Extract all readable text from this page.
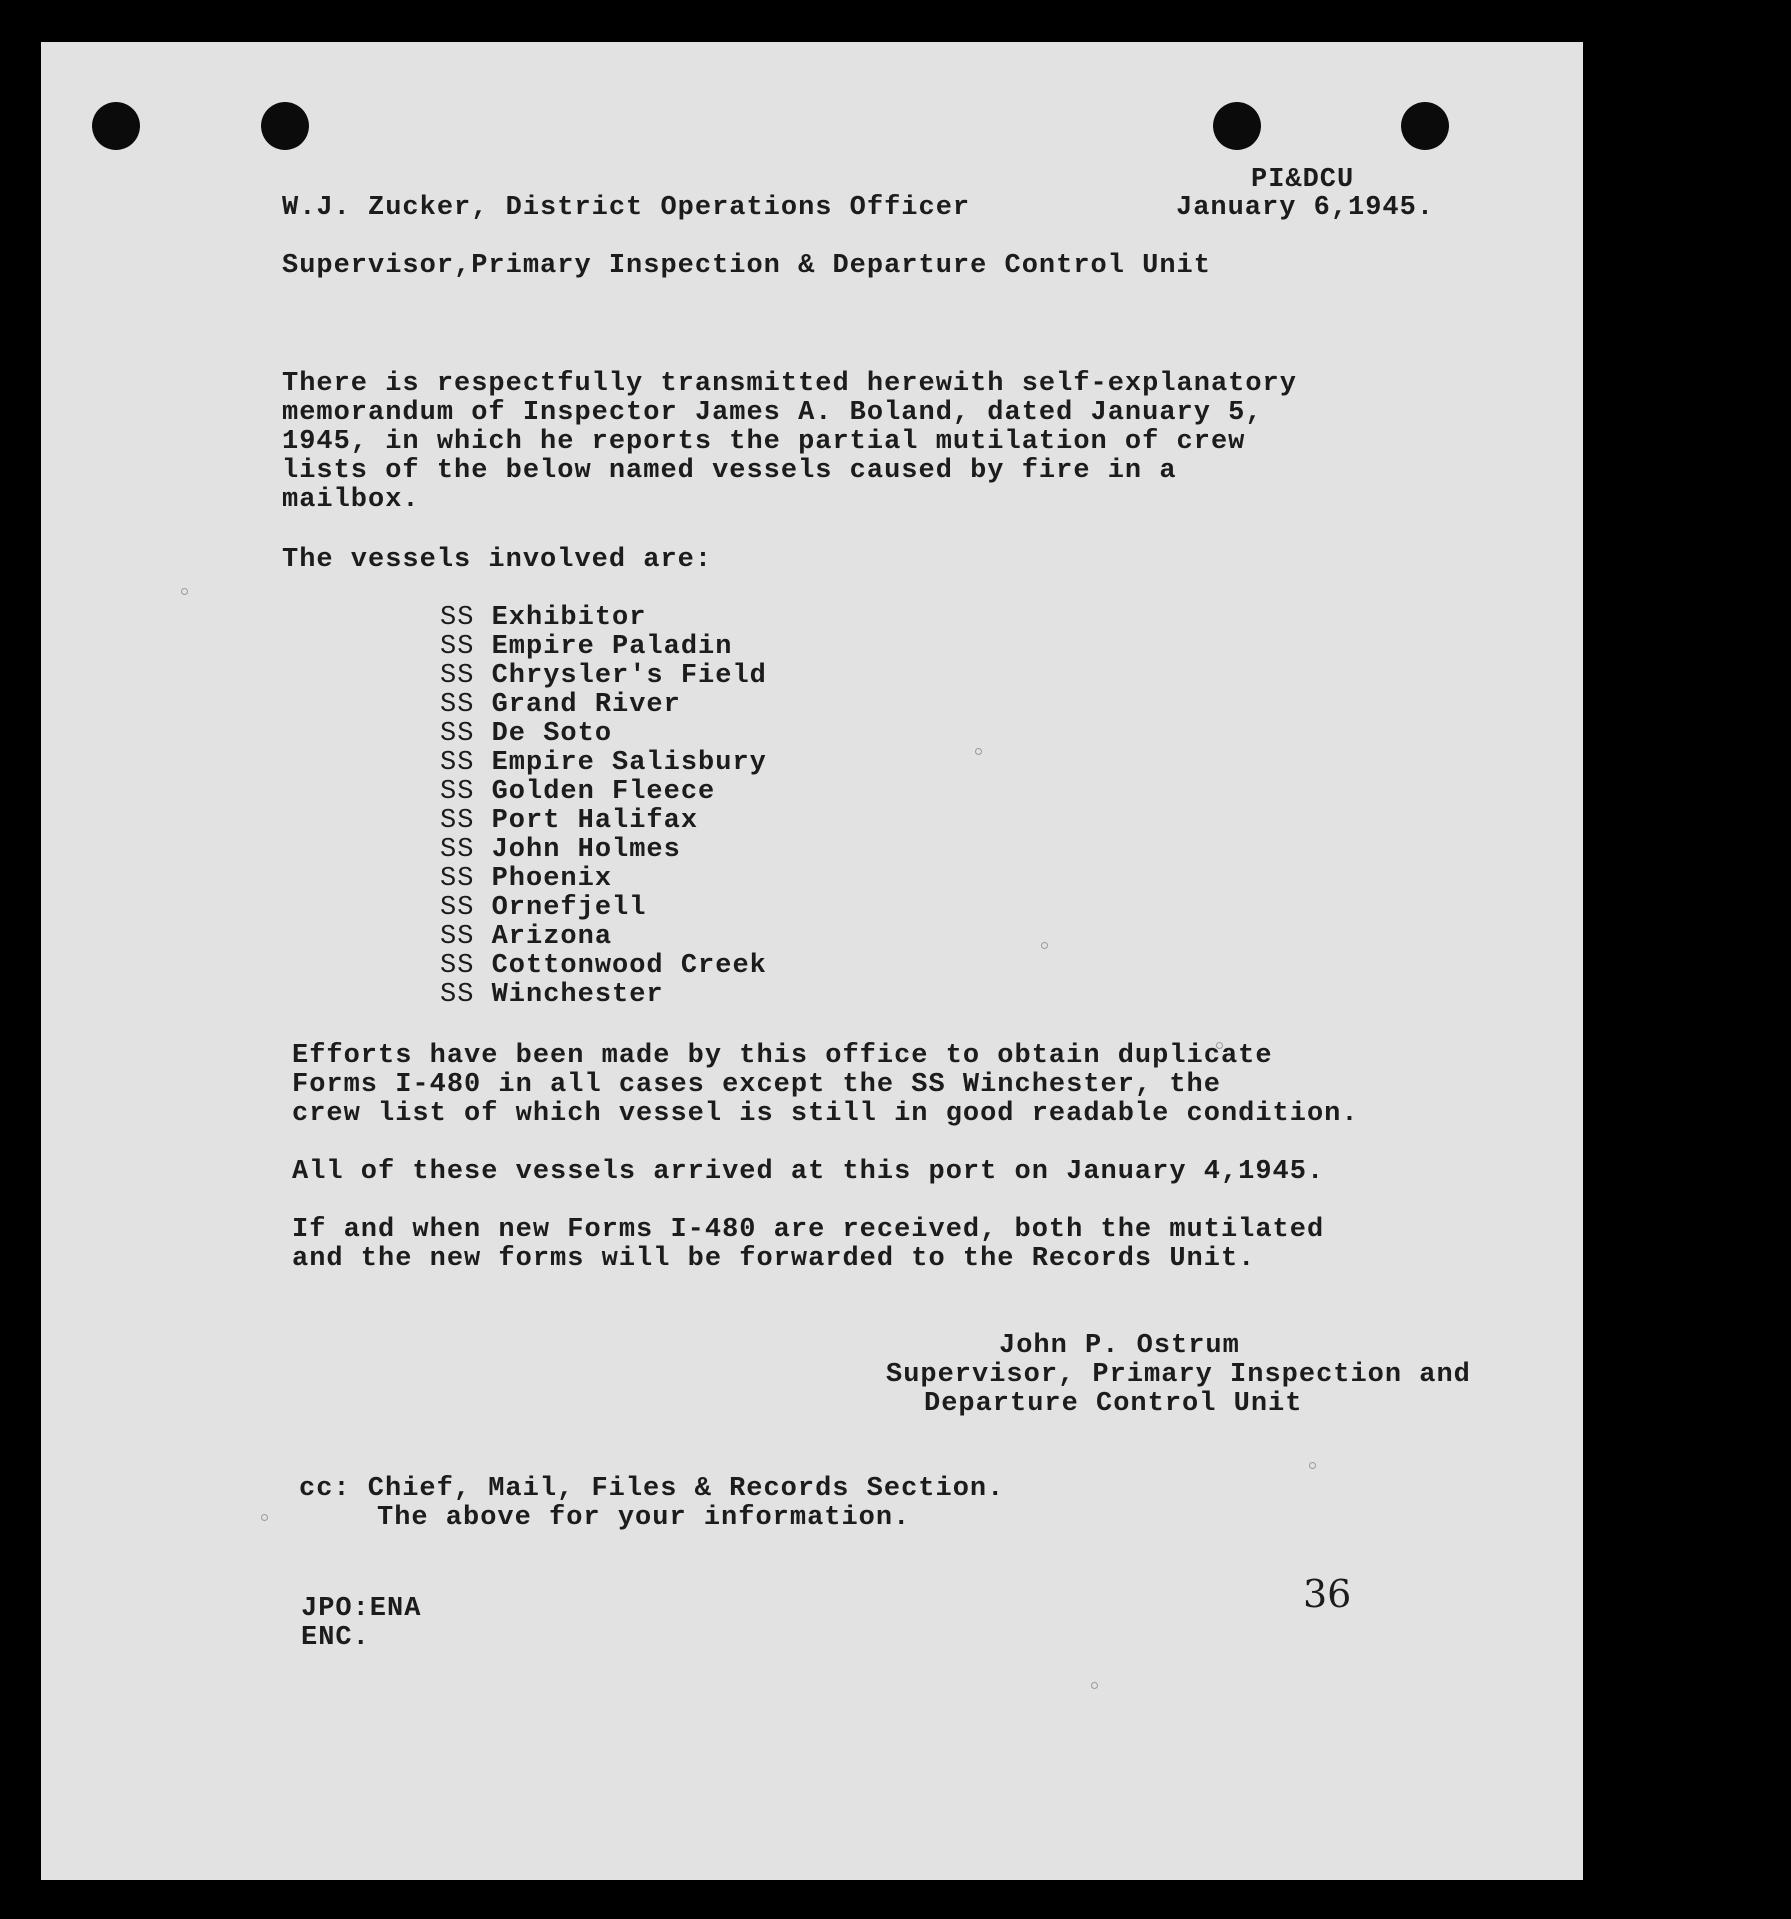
PI&DCU
W.J. Zucker, District Operations Officer	January 6,1945.
Supervisor,Primary Inspection & Departure Control Unit
There is respectfully transmitted herewith self-explanatory
memorandum of Inspector James A. Boland, dated January 5,
1945, in which he reports the partial mutilation of crew
lists of the below named vessels caused by fire in a
mailbox.
The vessels involved are:
SS Exhibitor
SS Empire Paladin
SS Chrysler's Field
SS Grand River
SS De Soto
SS Empire Salisbury
SS Golden Fleece
SS Port Halifax
SS John Holmes
SS Phoenix
SS Ornefjell
SS Arizona
SS Cottonwood Creek
SS Winchester
Efforts have been made by this office to obtain duplicate
Forms I-480 in all cases except the SS Winchester, the
crew list of which vessel is still in good readable condition.
All of these vessels arrived at this port on January 4,1945.
If and when new Forms I-480 are received, both the mutilated
and the new forms will be forwarded to the Records Unit.
John P. Ostrum
Supervisor, Primary Inspection and
Departure Control Unit
cc: Chief, Mail, Files & Records Section.
The above for your information.
JPO:ENA
ENC.
36
